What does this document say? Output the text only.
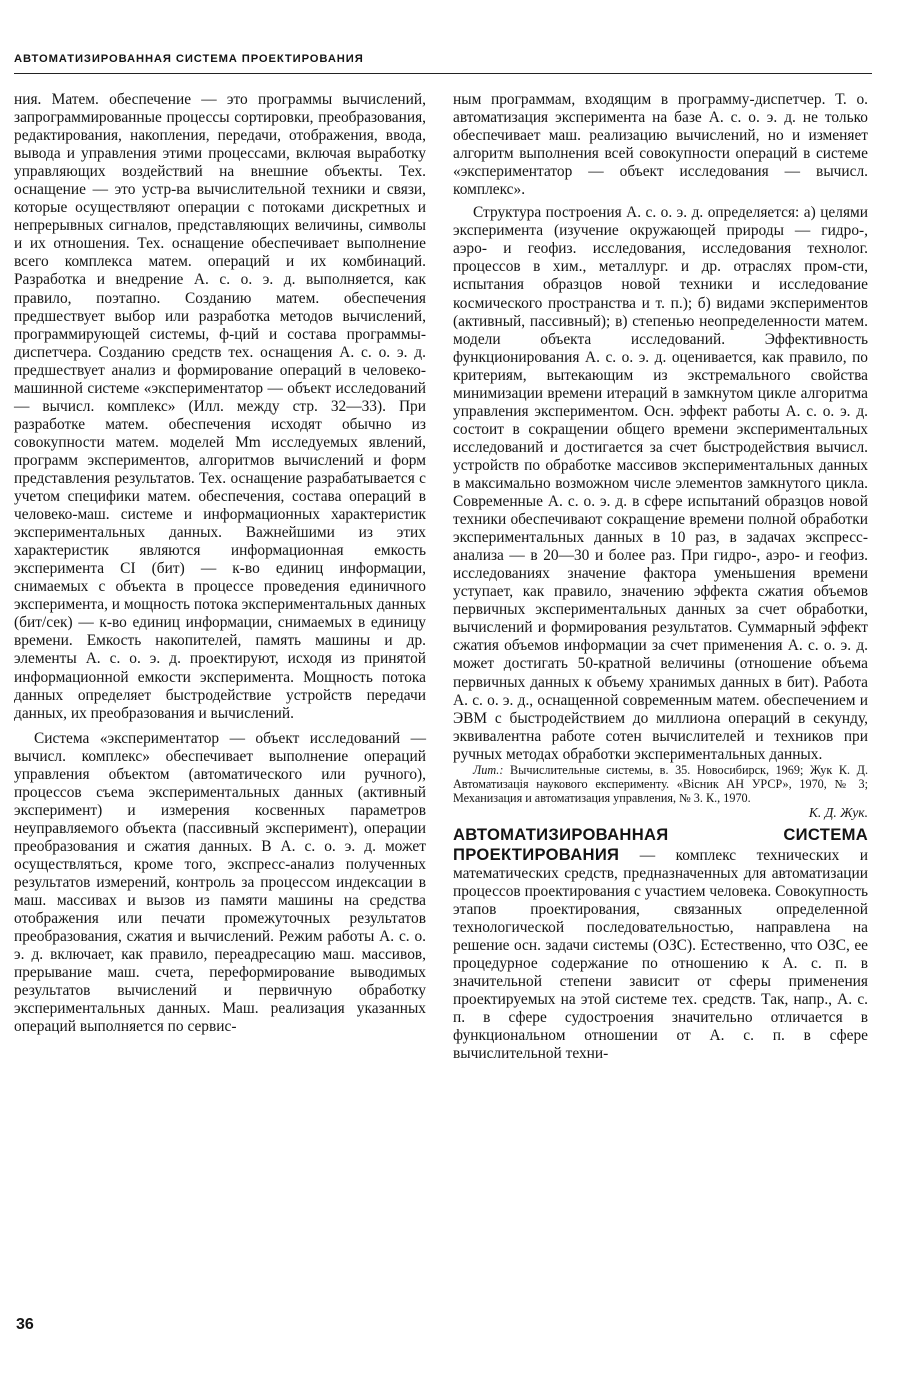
АВТОМАТИЗИРОВАННАЯ СИСТЕМА ПРОЕКТИРОВАНИЯ

ния. Матем. обеспечение — это программы вычислений, запрограммированные процессы сортировки, преобразования, редактирования, накопления, передачи, отображения, ввода, вывода и управления этими процессами, включая выработку управляющих воздействий на внешние объекты. Тех. оснащение — это устр-ва вычислительной техники и связи, которые осуществляют операции с потоками дискретных и непрерывных сигналов, представляющих величины, символы и их отношения. Тех. оснащение обеспечивает выполнение всего комплекса матем. операций и их комбинаций. Разработка и внедрение А. с. о. э. д. выполняется, как правило, поэтапно. Созданию матем. обеспечения предшествует выбор или разработка методов вычислений, программирующей системы, ф-ций и состава программы-диспетчера. Созданию средств тех. оснащения А. с. о. э. д. предшествует анализ и формирование операций в человеко-машинной системе «экспериментатор — объект исследований — вычисл. комплекс» (Илл. между стр. 32—33). При разработке матем. обеспечения исходят обычно из совокупности матем. моделей Mm исследуемых явлений, программ экспериментов, алгоритмов вычислений и форм представления результатов. Тех. оснащение разрабатывается с учетом специфики матем. обеспечения, состава операций в человеко-маш. системе и информационных характеристик экспериментальных данных. Важнейшими из этих характеристик являются информационная емкость эксперимента CI (бит) — к-во единиц информации, снимаемых с объекта в процессе проведения единичного эксперимента, и мощность потока экспериментальных данных (бит/сек) — к-во единиц информации, снимаемых в единицу времени. Емкость накопителей, память машины и др. элементы А. с. о. э. д. проектируют, исходя из принятой информационной емкости эксперимента. Мощность потока данных определяет быстродействие устройств передачи данных, их преобразования и вычислений.

Система «экспериментатор — объект исследований — вычисл. комплекс» обеспечивает выполнение операций управления объектом (автоматического или ручного), процессов съема экспериментальных данных (активный эксперимент) и измерения косвенных параметров неуправляемого объекта (пассивный эксперимент), операции преобразования и сжатия данных. В А. с. о. э. д. может осуществляться, кроме того, экспресс-анализ полученных результатов измерений, контроль за процессом индексации в маш. массивах и вызов из памяти машины на средства отображения или печати промежуточных результатов преобразования, сжатия и вычислений. Режим работы А. с. о. э. д. включает, как правило, переадресацию маш. массивов, прерывание маш. счета, переформирование выводимых результатов вычислений и первичную обработку экспериментальных данных. Маш. реализация указанных операций выполняется по сервис-

ным программам, входящим в программу-диспетчер. Т. о. автоматизация эксперимента на базе А. с. о. э. д. не только обеспечивает маш. реализацию вычислений, но и изменяет алгоритм выполнения всей совокупности операций в системе «экспериментатор — объект исследования — вычисл. комплекс».

Структура построения А. с. о. э. д. определяется: а) целями эксперимента (изучение окружающей природы — гидро-, аэро- и геофиз. исследования, исследования технолог. процессов в хим., металлург. и др. отраслях пром-сти, испытания образцов новой техники и исследование космического пространства и т. п.); б) видами экспериментов (активный, пассивный); в) степенью неопределенности матем. модели объекта исследований. Эффективность функционирования А. с. о. э. д. оценивается, как правило, по критериям, вытекающим из экстремального свойства минимизации времени итераций в замкнутом цикле алгоритма управления экспериментом. Осн. эффект работы А. с. о. э. д. состоит в сокращении общего времени экспериментальных исследований и достигается за счет быстродействия вычисл. устройств по обработке массивов экспериментальных данных в максимально возможном числе элементов замкнутого цикла. Современные А. с. о. э. д. в сфере испытаний образцов новой техники обеспечивают сокращение времени полной обработки экспериментальных данных в 10 раз, в задачах экспресс-анализа — в 20—30 и более раз. При гидро-, аэро- и геофиз. исследованиях значение фактора уменьшения времени уступает, как правило, значению эффекта сжатия объемов первичных экспериментальных данных за счет обработки, вычислений и формирования результатов. Суммарный эффект сжатия объемов информации за счет применения А. с. о. э. д. может достигать 50-кратной величины (отношение объема первичных данных к объему хранимых данных в бит). Работа А. с. о. э. д., оснащенной современным матем. обеспечением и ЭВМ с быстродействием до миллиона операций в секунду, эквивалентна работе сотен вычислителей и техников при ручных методах обработки экспериментальных данных.

Лит.: Вычислительные системы, в. 35. Новосибирск, 1969; Жук К. Д. Автоматизація наукового експерименту. «Вісник АН УРСР», 1970, № 3; Механизация и автоматизация управления, № 3. К., 1970.

К. Д. Жук.

АВТОМАТИЗИРОВАННАЯ СИСТЕМА ПРОЕКТИРОВАНИЯ — комплекс технических и математических средств, предназначенных для автоматизации процессов проектирования с участием человека. Совокупность этапов проектирования, связанных определенной технологической последовательностью, направлена на решение осн. задачи системы (ОЗС). Естественно, что ОЗС, ее процедурное содержание по отношению к А. с. п. в значительной степени зависит от сферы применения проектируемых на этой системе тех. средств. Так, напр., А. с. п. в сфере судостроения значительно отличается в функциональном отношении от А. с. п. в сфере вычислительной техни-

36
